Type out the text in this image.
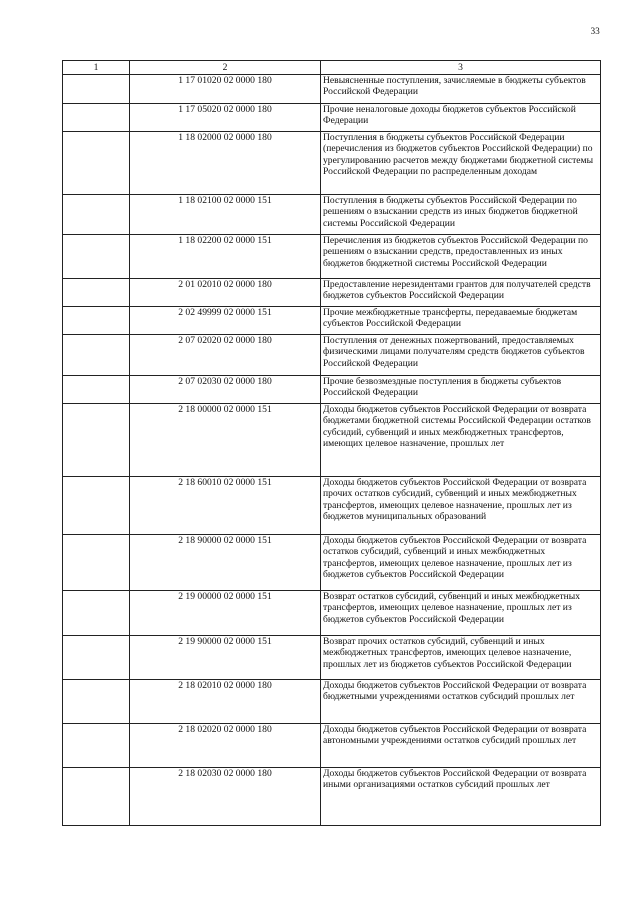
33
1	2	3
	1 17 01020 02 0000 180	Невыясненные поступления, зачисляемые в бюджеты субъектов Российской Федерации
	1 17 05020 02 0000 180	Прочие неналоговые доходы бюджетов субъектов Российской Федерации
	1 18 02000 02 0000 180	Поступления в бюджеты субъектов Российской Федерации (перечисления из бюджетов субъектов Российской Федерации) по урегулированию расчетов между бюджетами бюджетной системы Российской Федерации по распределенным доходам
	1 18 02100 02 0000 151	Поступления в бюджеты субъектов Российской Федерации по решениям о взыскании средств из иных бюджетов бюджетной системы Российской Федерации
	1 18 02200 02 0000 151	Перечисления из бюджетов субъектов Российской Федерации по решениям о взыскании средств, предоставленных из иных бюджетов бюджетной системы Российской Федерации
	2 01 02010 02 0000 180	Предоставление нерезидентами грантов для получателей средств бюджетов субъектов Российской Федерации
	2 02 49999 02 0000 151	Прочие межбюджетные трансферты, передаваемые бюджетам субъектов Российской Федерации
	2 07 02020 02 0000 180	Поступления от денежных пожертвований, предоставляемых физическими лицами получателям средств бюджетов субъектов Российской Федерации
	2 07 02030 02 0000 180	Прочие безвозмездные поступления в бюджеты субъектов Российской Федерации
	2 18 00000 02 0000 151	Доходы бюджетов субъектов Российской Федерации от возврата бюджетами бюджетной системы Российской Федерации остатков субсидий, субвенций и иных межбюджетных трансфертов, имеющих целевое назначение, прошлых лет
	2 18 60010 02 0000 151	Доходы бюджетов субъектов Российской Федерации от возврата прочих остатков субсидий, субвенций и иных межбюджетных трансфертов, имеющих целевое назначение, прошлых лет из бюджетов муниципальных образований
	2 18 90000 02 0000 151	Доходы бюджетов субъектов Российской Федерации от возврата остатков субсидий, субвенций и иных межбюджетных трансфертов, имеющих целевое назначение, прошлых лет из бюджетов субъектов Российской Федерации
	2 19 00000 02 0000 151	Возврат остатков субсидий, субвенций и иных межбюджетных трансфертов, имеющих целевое назначение, прошлых лет из бюджетов субъектов Российской Федерации
	2 19 90000 02 0000 151	Возврат прочих остатков субсидий, субвенций и иных межбюджетных трансфертов, имеющих целевое назначение, прошлых лет из бюджетов субъектов Российской Федерации
	2 18 02010 02 0000 180	Доходы бюджетов субъектов Российской Федерации от возврата бюджетными учреждениями остатков субсидий прошлых лет
	2 18 02020 02 0000 180	Доходы бюджетов субъектов Российской Федерации от возврата автономными учреждениями остатков субсидий прошлых лет
	2 18 02030 02 0000 180	Доходы бюджетов субъектов Российской Федерации от возврата иными организациями остатков субсидий прошлых лет
